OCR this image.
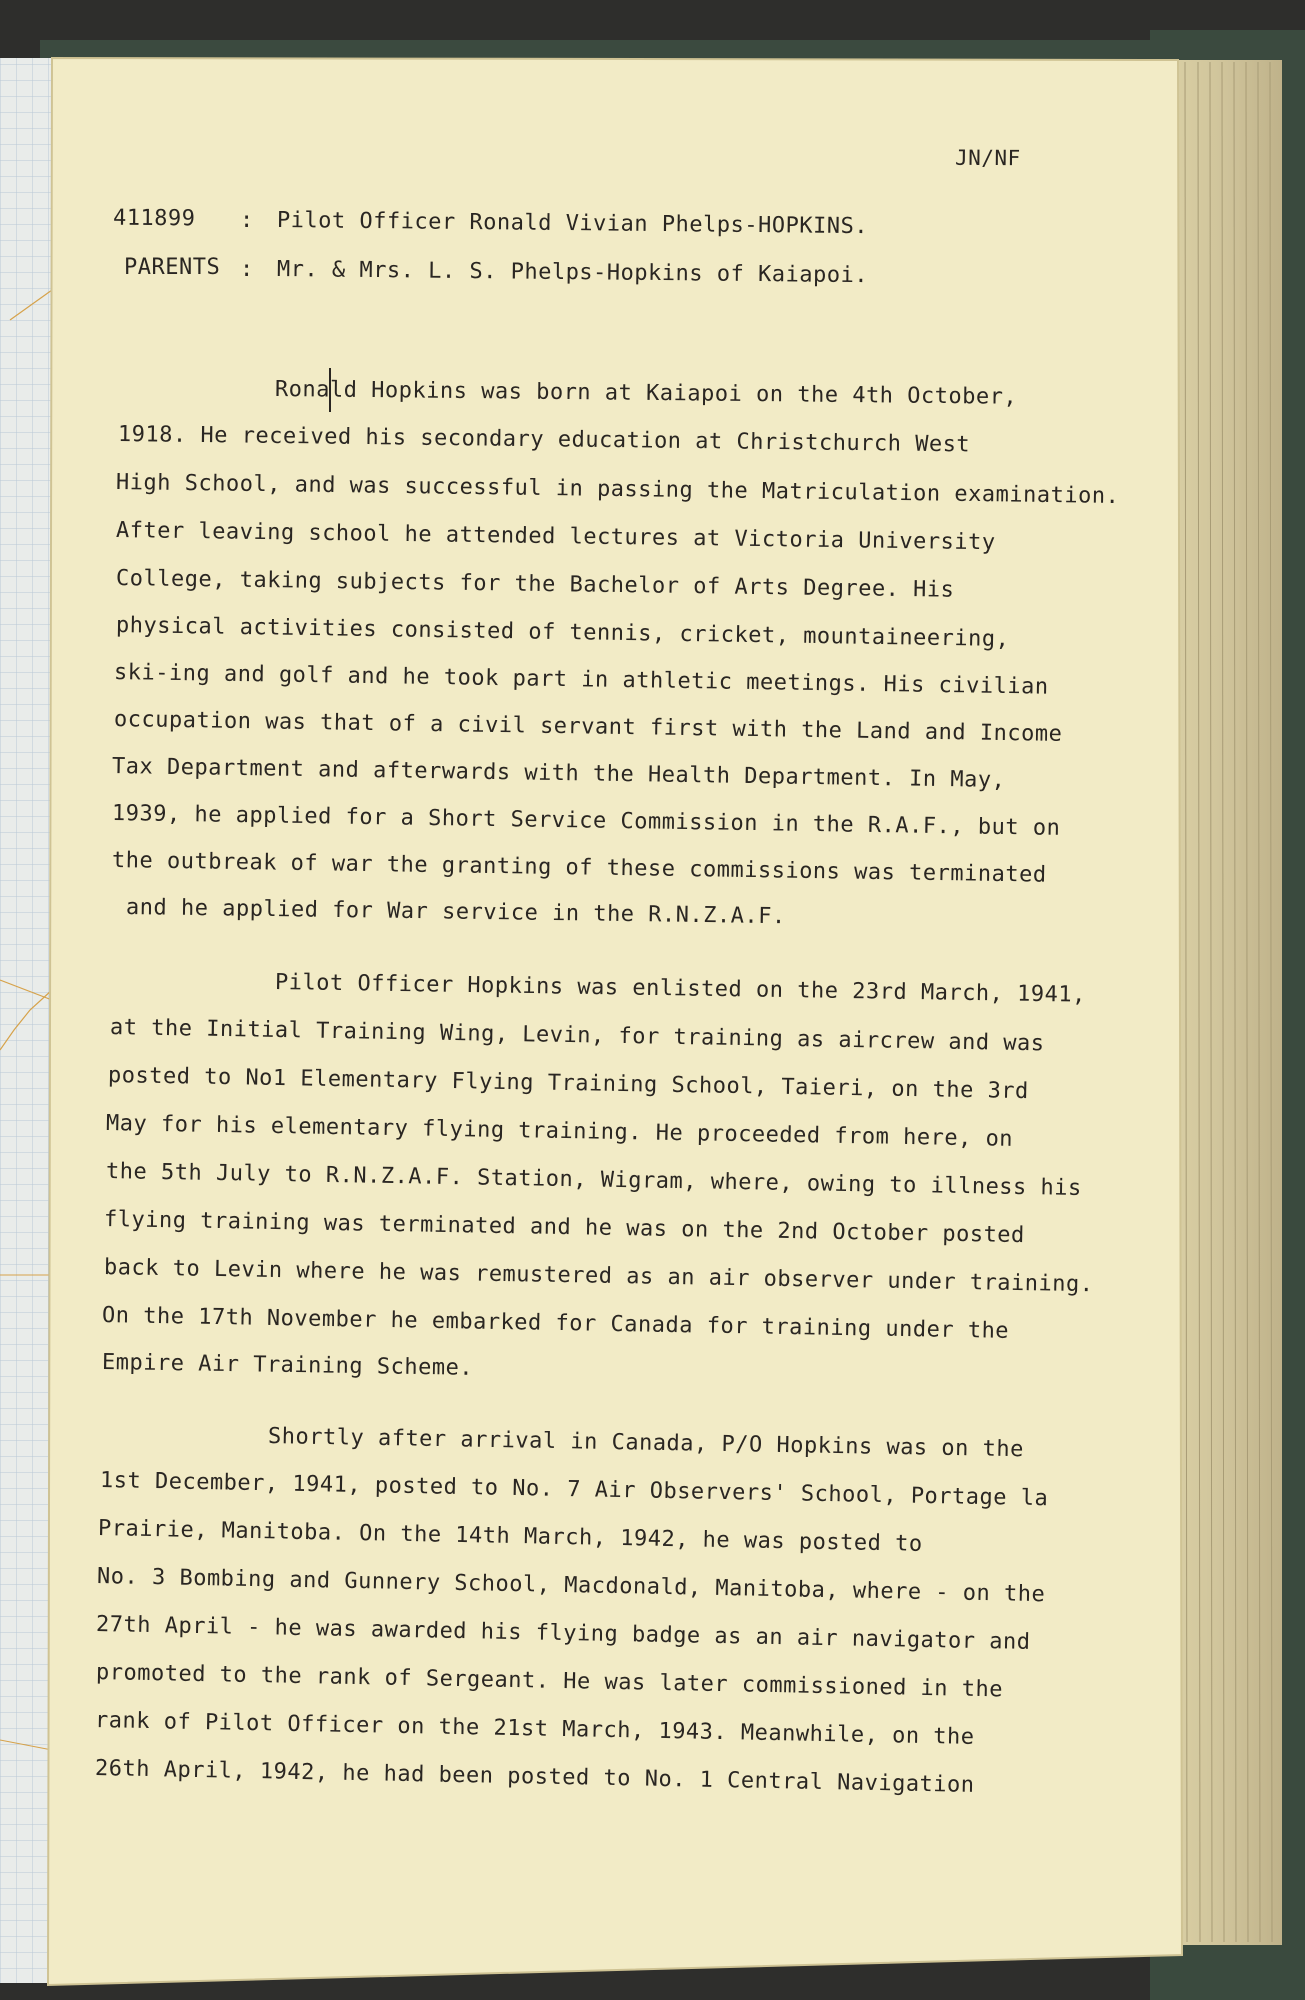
JN/NF
411899 : Pilot Officer Ronald Vivian Phelps-HOPKINS.
PARENTS : Mr. & Mrs. L. S. Phelps-Hopkins of Kaiapoi.
Ronald Hopkins was born at Kaiapoi on the 4th October,
1918. He received his secondary education at Christchurch West
High School, and was successful in passing the Matriculation examination.
After leaving school he attended lectures at Victoria University
College, taking subjects for the Bachelor of Arts Degree. His
physical activities consisted of tennis, cricket, mountaineering,
ski-ing and golf and he took part in athletic meetings. His civilian
occupation was that of a civil servant first with the Land and Income
Tax Department and afterwards with the Health Department. In May,
1939, he applied for a Short Service Commission in the R.A.F., but on
the outbreak of war the granting of these commissions was terminated
and he applied for War service in the R.N.Z.A.F.
Pilot Officer Hopkins was enlisted on the 23rd March, 1941,
at the Initial Training Wing, Levin, for training as aircrew and was
posted to No1 Elementary Flying Training School, Taieri, on the 3rd
May for his elementary flying training. He proceeded from here, on
the 5th July to R.N.Z.A.F. Station, Wigram, where, owing to illness his
flying training was terminated and he was on the 2nd October posted
back to Levin where he was remustered as an air observer under training.
On the 17th November he embarked for Canada for training under the
Empire Air Training Scheme.
Shortly after arrival in Canada, P/O Hopkins was on the
1st December, 1941, posted to No. 7 Air Observers' School, Portage la
Prairie, Manitoba. On the 14th March, 1942, he was posted to
No. 3 Bombing and Gunnery School, Macdonald, Manitoba, where - on the
27th April - he was awarded his flying badge as an air navigator and
promoted to the rank of Sergeant. He was later commissioned in the
rank of Pilot Officer on the 21st March, 1943. Meanwhile, on the
26th April, 1942, he had been posted to No. 1 Central Navigation
